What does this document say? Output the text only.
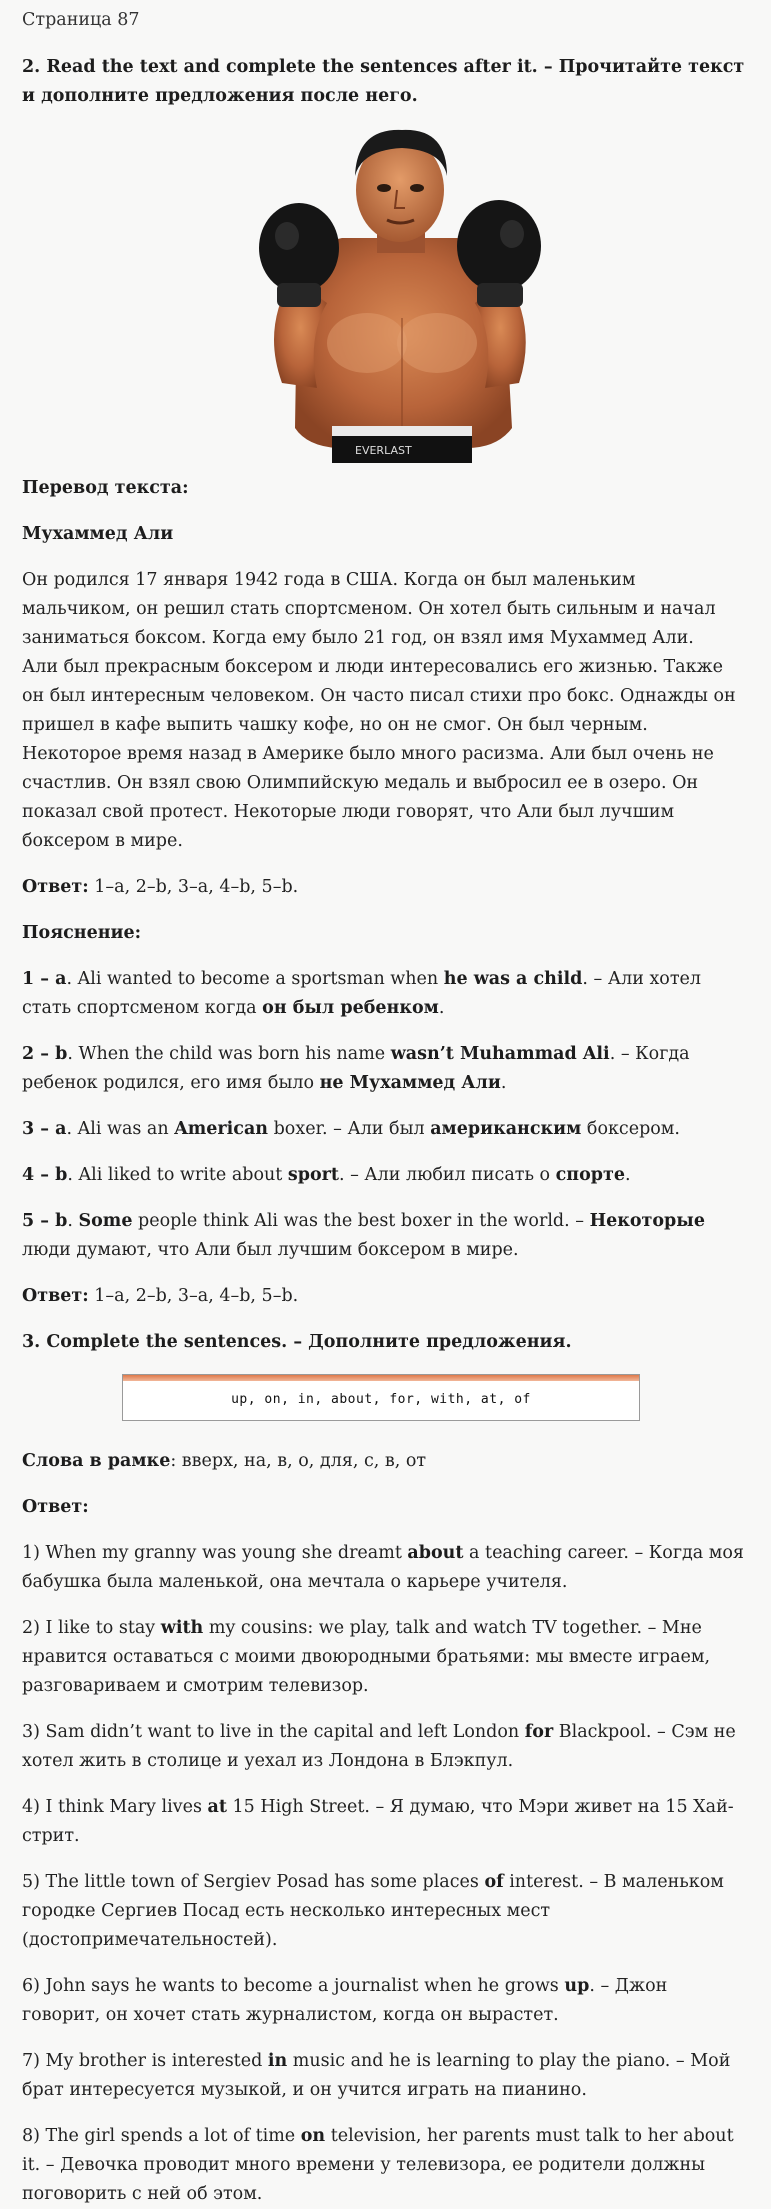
Страница 87

2. Read the text and complete the sentences after it. – Прочитайте текст и дополните предложения после него.

EVERLAST

Перевод текста:

Мухаммед Али

Он родился 17 января 1942 года в США. Когда он был маленьким мальчиком, он решил стать спортсменом. Он хотел быть сильным и начал заниматься боксом. Когда ему было 21 год, он взял имя Мухаммед Али.
Али был прекрасным боксером и люди интересовались его жизнью. Также он был интересным человеком. Он часто писал стихи про бокс. Однажды он пришел в кафе выпить чашку кофе, но он не смог. Он был черным. Некоторое время назад в Америке было много расизма. Али был очень не счастлив. Он взял свою Олимпийскую медаль и выбросил ее в озеро. Он показал свой протест. Некоторые люди говорят, что Али был лучшим боксером в мире.

Ответ: 1–a, 2–b, 3–a, 4–b, 5–b.

Пояснение:

1 – a. Ali wanted to become a sportsman when he was a child. – Али хотел стать спортсменом когда он был ребенком.

2 – b. When the child was born his name wasn’t Muhammad Ali. – Когда ребенок родился, его имя было не Мухаммед Али.

3 – a. Ali was an American boxer. – Али был американским боксером.

4 – b. Ali liked to write about sport. – Али любил писать о спорте.

5 – b. Some people think Ali was the best boxer in the world. – Некоторые люди думают, что Али был лучшим боксером в мире.

Ответ: 1–a, 2–b, 3–a, 4–b, 5–b.

3. Complete the sentences. – Дополните предложения.

up, on, in, about, for, with, at, of

Слова в рамке: вверх, на, в, о, для, с, в, от

Ответ:

1) When my granny was young she dreamt about a teaching career. – Когда моя бабушка была маленькой, она мечтала о карьере учителя.

2) I like to stay with my cousins: we play, talk and watch TV together. – Мне нравится оставаться с моими двоюродными братьями: мы вместе играем, разговариваем и смотрим телевизор.

3) Sam didn’t want to live in the capital and left London for Blackpool. – Сэм не хотел жить в столице и уехал из Лондона в Блэкпул.

4) I think Mary lives at 15 High Street. – Я думаю, что Мэри живет на 15 Хай-стрит.

5) The little town of Sergiev Posad has some places of interest. – В маленьком городке Сергиев Посад есть несколько интересных мест (достопримечательностей).

6) John says he wants to become a journalist when he grows up. – Джон говорит, он хочет стать журналистом, когда он вырастет.

7) My brother is interested in music and he is learning to play the piano. – Мой брат интересуется музыкой, и он учится играть на пианино.

8) The girl spends a lot of time on television, her parents must talk to her about it. – Девочка проводит много времени у телевизора, ее родители должны поговорить с ней об этом.
